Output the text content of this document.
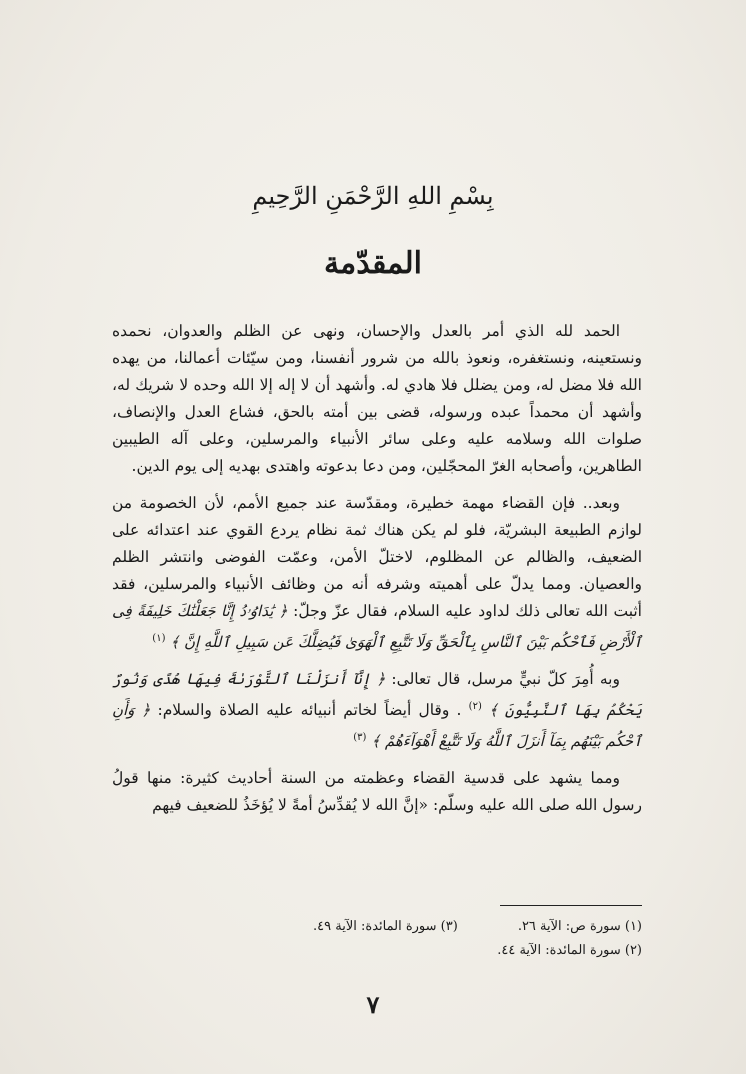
بِسْمِ اللهِ الرَّحْمَنِ الرَّحِيمِ
المقدّمة

الحمد لله الذي أمر بالعدل والإحسان، ونهى عن الظلم والعدوان، نحمده ونستعينه، ونستغفره، ونعوذ بالله من شرور أنفسنا، ومن سيّئات أعمالنا، من يهده الله فلا مضل له، ومن يضلل فلا هادي له. وأشهد أن لا إله إلا الله وحده لا شريك له، وأشهد أن محمداً عبده ورسوله، قضى بين أمته بالحق، فشاع العدل والإنصاف، صلوات الله وسلامه عليه وعلى سائر الأنبياء والمرسلين، وعلى آله الطيبين الطاهرين، وأصحابه الغرّ المحجّلين، ومن دعا بدعوته واهتدى بهديه إلى يوم الدين.

وبعد.. فإن القضاء مهمة خطيرة، ومقدّسة عند جميع الأمم، لأن الخصومة من لوازم الطبيعة البشريّة، فلو لم يكن هناك ثمة نظام يردع القوي عند اعتدائه على الضعيف، والظالم عن المظلوم، لاختلّ الأمن، وعمّت الفوضى وانتشر الظلم والعصيان. ومما يدلّ على أهميته وشرفه أنه من وظائف الأنبياء والمرسلين، فقد أثبت الله تعالى ذلك لداود عليه السلام، فقال عزّ وجلّ: ﴿ يَٰدَاوُۥدُ إِنَّا جَعَلْنَٰكَ خَلِيفَةً فِى ٱلْأَرْضِ فَٱحْكُم بَيْنَ ٱلنَّاسِ بِٱلْحَقِّ وَلَا تَتَّبِعِ ٱلْهَوَىٰ فَيُضِلَّكَ عَن سَبِيلِ ٱللَّهِ إِنَّ ﴾ $^{(١)}$

وبه أُمِرَ كلّ نبيٍّ مرسل، قال تعالى: ﴿ إِنَّآ أَنزَلْنَا ٱلتَّوْرَىٰةَ فِيهَا هُدًى وَنُورٌ يَحْكُمُ بِهَا ٱلنَّبِيُّونَ ﴾ $^{(٢)}$ . وقال أيضاً لخاتم أنبيائه عليه الصلاة والسلام: ﴿ وَأَنِ ٱحْكُم بَيْنَهُم بِمَآ أَنزَلَ ٱللَّهُ وَلَا تَتَّبِعْ أَهْوَآءَهُمْ ﴾ $^{(٣)}$

ومما يشهد على قدسية القضاء وعظمته من السنة أحاديث كثيرة: منها قولُ رسول الله صلى الله عليه وسلّم: «إنَّ الله لا يُقدِّسُ أمةً لا يُؤخَذُ للضعيف فيهم

(١) سورة ص: الآية ٢٦.
(٣) سورة المائدة: الآية ٤٩.
(٢) سورة المائدة: الآية ٤٤.
٧
